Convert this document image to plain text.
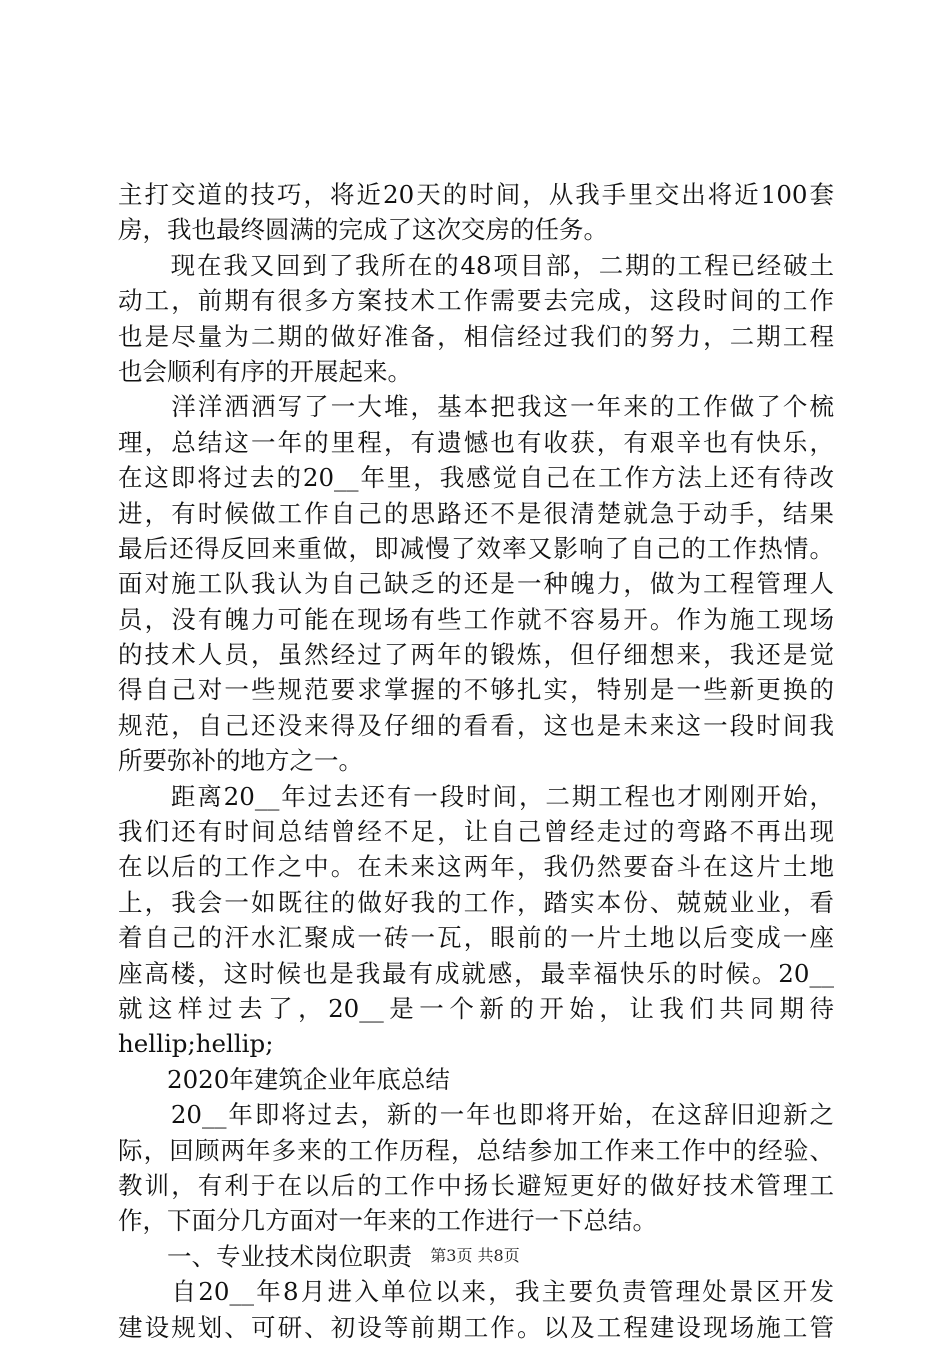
主打交道的技巧，将近20天的时间，从我手里交出将近100套
房，我也最终圆满的完成了这次交房的任务。
　　现在我又回到了我所在的48项目部，二期的工程已经破土
动工，前期有很多方案技术工作需要去完成，这段时间的工作
也是尽量为二期的做好准备，相信经过我们的努力，二期工程
也会顺利有序的开展起来。
　　洋洋洒洒写了一大堆，基本把我这一年来的工作做了个梳
理，总结这一年的里程，有遗憾也有收获，有艰辛也有快乐，
在这即将过去的20__年里，我感觉自己在工作方法上还有待改
进，有时候做工作自己的思路还不是很清楚就急于动手，结果
最后还得反回来重做，即减慢了效率又影响了自己的工作热情。
面对施工队我认为自己缺乏的还是一种魄力，做为工程管理人
员，没有魄力可能在现场有些工作就不容易开。作为施工现场
的技术人员，虽然经过了两年的锻炼，但仔细想来，我还是觉
得自己对一些规范要求掌握的不够扎实，特别是一些新更换的
规范，自己还没来得及仔细的看看，这也是未来这一段时间我
所要弥补的地方之一。
　　距离20__年过去还有一段时间，二期工程也才刚刚开始，
我们还有时间总结曾经不足，让自己曾经走过的弯路不再出现
在以后的工作之中。在未来这两年，我仍然要奋斗在这片土地
上，我会一如既往的做好我的工作，踏实本份、兢兢业业，看
着自己的汗水汇聚成一砖一瓦，眼前的一片土地以后变成一座
座高楼，这时候也是我最有成就感，最幸福快乐的时候。20__
就这样过去了，20__是一个新的开始，让我们共同期待
hellip;hellip;
　　2020年建筑企业年底总结
　　20__年即将过去，新的一年也即将开始，在这辞旧迎新之
际，回顾两年多来的工作历程，总结参加工作来工作中的经验、
教训，有利于在以后的工作中扬长避短更好的做好技术管理工
作，下面分几方面对一年来的工作进行一下总结。
　　一、专业技术岗位职责
　　自20__年8月进入单位以来，我主要负责管理处景区开发
建设规划、可研、初设等前期工作。以及工程建设现场施工管
第3页 共8页
